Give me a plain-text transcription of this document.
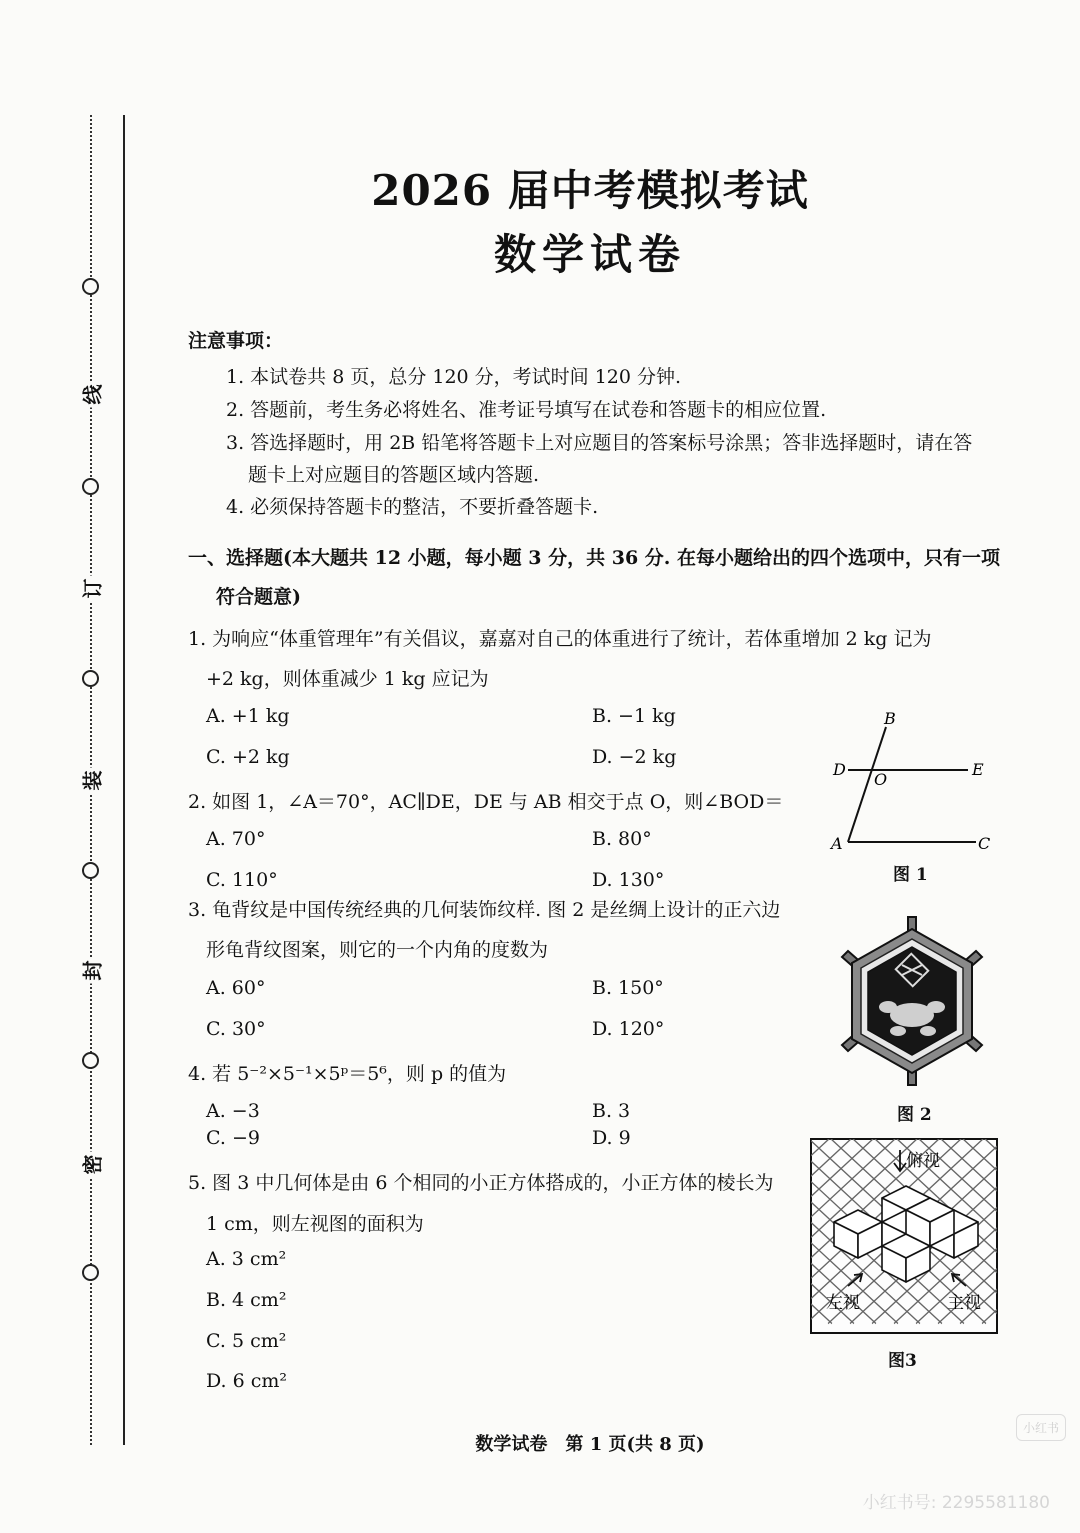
线
订
装
封
密
2026 届中考模拟考试
数学试卷
注意事项：
1. 本试卷共 8 页，总分 120 分，考试时间 120 分钟.
2. 答题前，考生务必将姓名、准考证号填写在试卷和答题卡的相应位置.
3. 答选择题时，用 2B 铅笔将答题卡上对应题目的答案标号涂黑；答非选择题时，请在答
题卡上对应题目的答题区域内答题.
4. 必须保持答题卡的整洁，不要折叠答题卡.
一、选择题(本大题共 12 小题，每小题 3 分，共 36 分. 在每小题给出的四个选项中，只有一项
符合题意)
1. 为响应“体重管理年”有关倡议，嘉嘉对自己的体重进行了统计，若体重增加 2 kg 记为
+2 kg，则体重减少 1 kg 应记为
A. +1 kg	B. −1 kg
C. +2 kg	D. −2 kg
2. 如图 1，∠A＝70°，AC∥DE，DE 与 AB 相交于点 O，则∠BOD＝
A. 70°	B. 80°
C. 110°	D. 130°
3. 龟背纹是中国传统经典的几何装饰纹样. 图 2 是丝绸上设计的正六边
形龟背纹图案，则它的一个内角的度数为
A. 60°	B. 150°
C. 30°	D. 120°
4. 若 5⁻²×5⁻¹×5ᵖ＝5⁶，则 p 的值为
A. −3	B. 3
C. −9	D. 9
5. 图 3 中几何体是由 6 个相同的小正方体搭成的，小正方体的棱长为
1 cm，则左视图的面积为
A. 3 cm²
B. 4 cm²
C. 5 cm²
D. 6 cm²
B
D
O
E
A	C
图 1
图 2
俯视
左视	主视
图3
数学试卷　第 1 页(共 8 页)
小红书
小红书号: 2295581180
